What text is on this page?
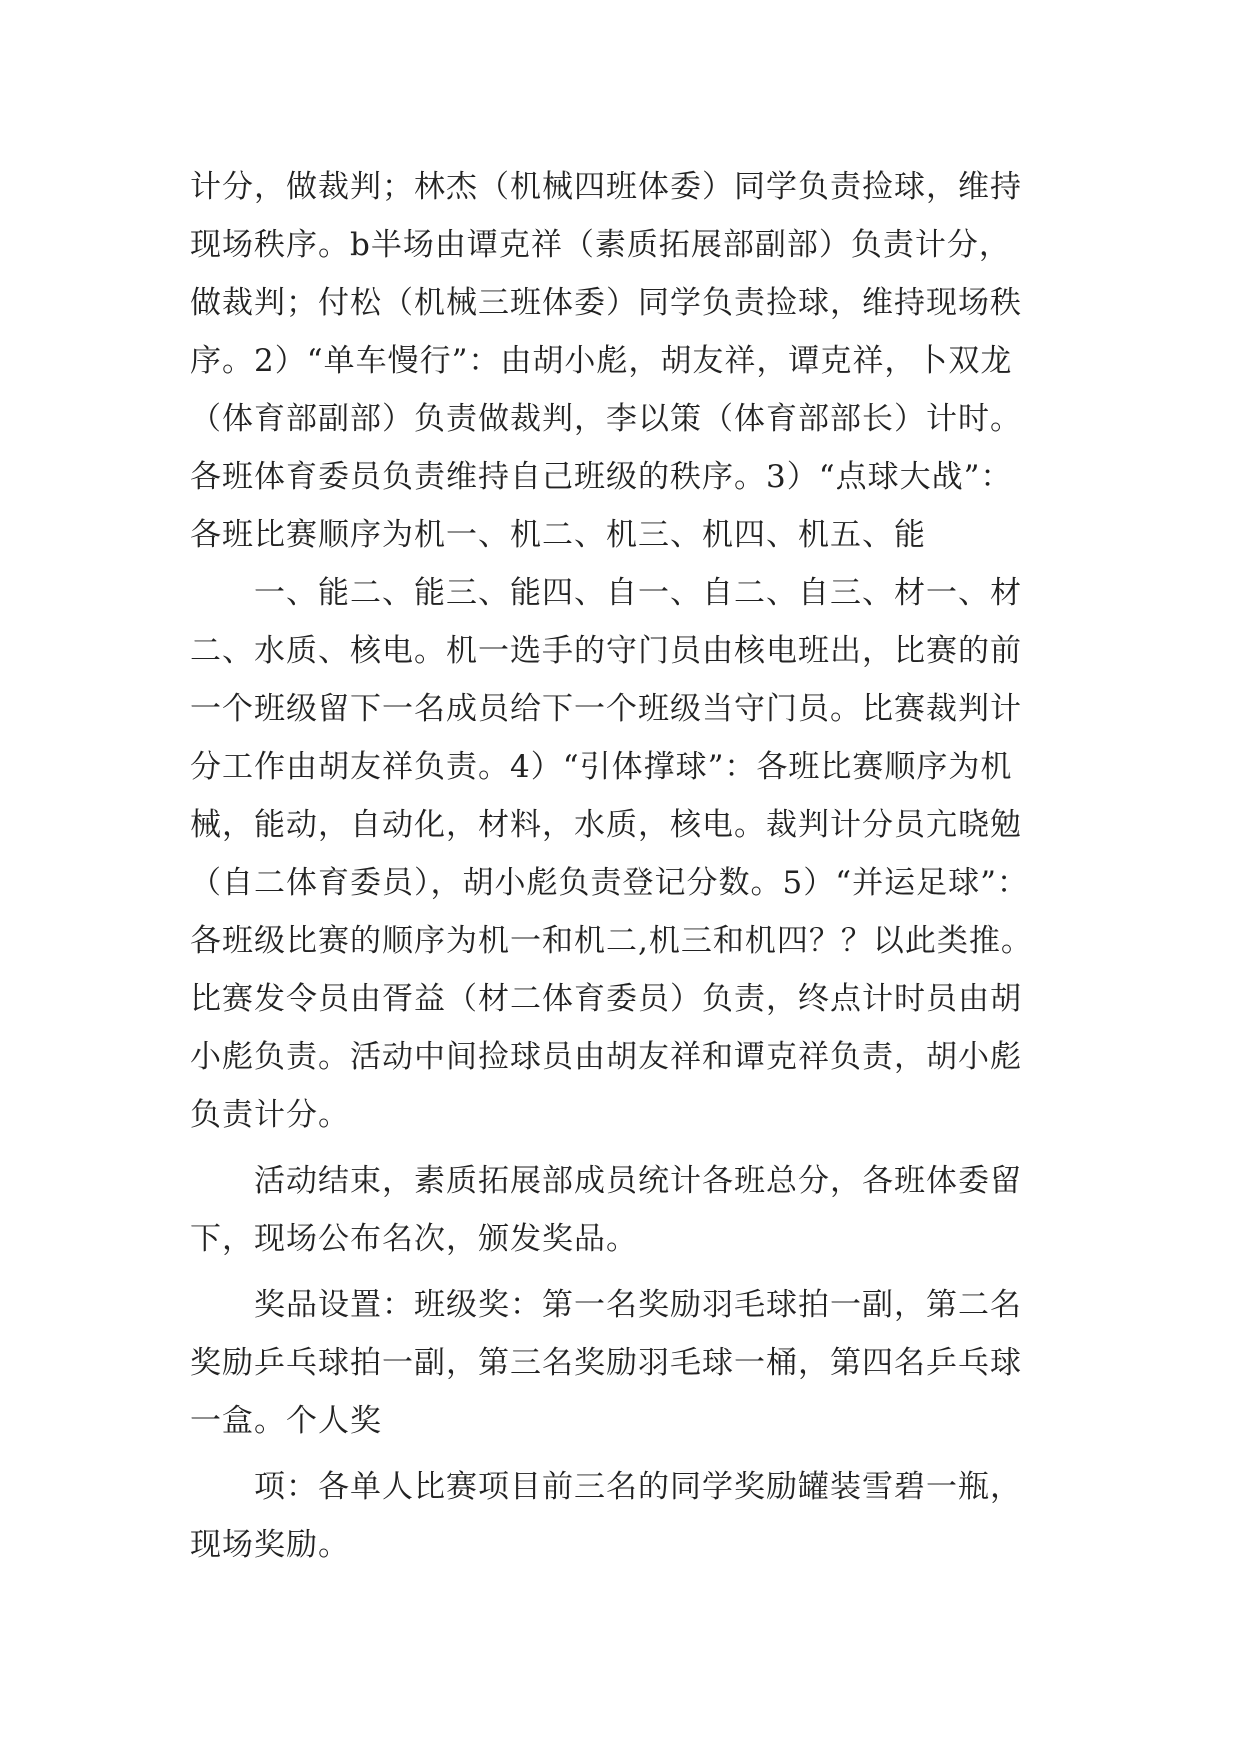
计分，做裁判；林杰（机械四班体委）同学负责捡球，维持
现场秩序。b半场由谭克祥（素质拓展部副部）负责计分，
做裁判；付松（机械三班体委）同学负责捡球，维持现场秩
序。2）“单车慢行”：由胡小彪，胡友祥，谭克祥，卜双龙
（体育部副部）负责做裁判，李以策（体育部部长）计时。
各班体育委员负责维持自己班级的秩序。3）“点球大战”：
各班比赛顺序为机一、机二、机三、机四、机五、能

一、能二、能三、能四、自一、自二、自三、材一、材
二、水质、核电。机一选手的守门员由核电班出，比赛的前
一个班级留下一名成员给下一个班级当守门员。比赛裁判计
分工作由胡友祥负责。4）“引体撑球”：各班比赛顺序为机
械，能动，自动化，材料，水质，核电。裁判计分员亢晓勉
（自二体育委员），胡小彪负责登记分数。5）“并运足球”：
各班级比赛的顺序为机一和机二,机三和机四？？以此类推。
比赛发令员由胥益（材二体育委员）负责，终点计时员由胡
小彪负责。活动中间捡球员由胡友祥和谭克祥负责，胡小彪
负责计分。

活动结束，素质拓展部成员统计各班总分，各班体委留
下，现场公布名次，颁发奖品。

奖品设置：班级奖：第一名奖励羽毛球拍一副，第二名
奖励乒乓球拍一副，第三名奖励羽毛球一桶，第四名乒乓球
一盒。个人奖

项：各单人比赛项目前三名的同学奖励罐装雪碧一瓶，
现场奖励。
